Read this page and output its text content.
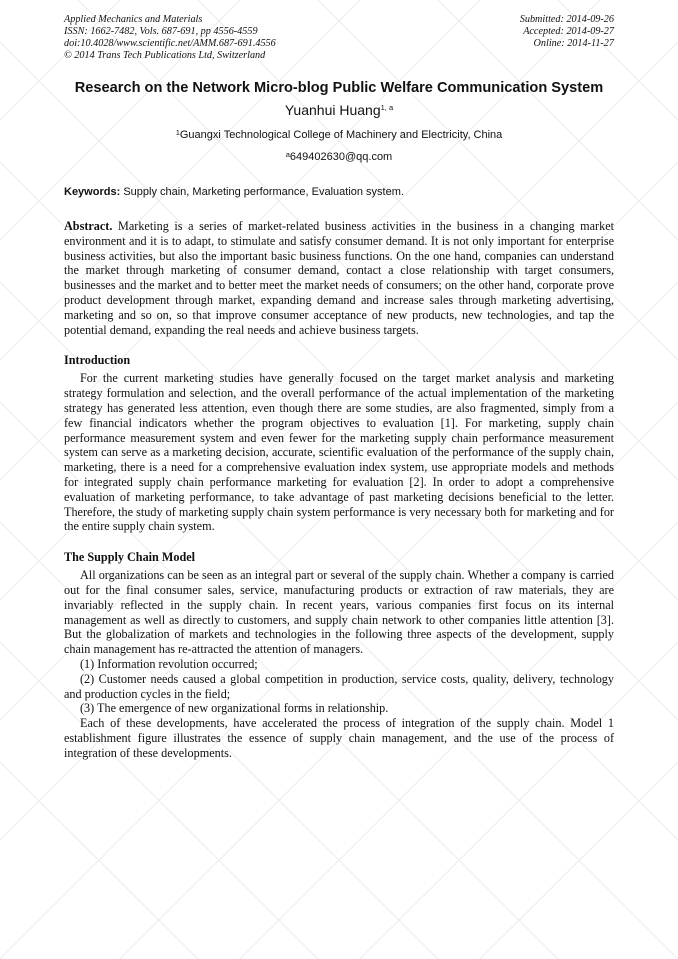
Applied Mechanics and Materials
ISSN: 1662-7482, Vols. 687-691, pp 4556-4559
doi:10.4028/www.scientific.net/AMM.687-691.4556
© 2014 Trans Tech Publications Ltd, Switzerland
Submitted: 2014-09-26
Accepted: 2014-09-27
Online: 2014-11-27
Research on the Network Micro-blog Public Welfare Communication System
Yuanhui Huang$^{1, a}$
$^1$Guangxi Technological College of Machinery and Electricity, China
$^a$649402630@qq.com
Keywords: Supply chain, Marketing performance, Evaluation system.
Abstract. Marketing is a series of market-related business activities in the business in a changing market environment and it is to adapt, to stimulate and satisfy consumer demand. It is not only important for enterprise business activities, but also the important basic business functions. On the one hand, companies can understand the market through marketing of consumer demand, contact a close relationship with target consumers, businesses and the market and to better meet the market needs of consumers; on the other hand, corporate prove product development through market, expanding demand and increase sales through marketing advertising, marketing and so on, so that improve consumer acceptance of new products, new technologies, and tap the potential demand, expanding the real needs and achieve business targets.
Introduction
For the current marketing studies have generally focused on the target market analysis and marketing strategy formulation and selection, and the overall performance of the actual implementation of the marketing strategy has generated less attention, even though there are some studies, are also fragmented, simply from a few financial indicators whether the program objectives to evaluation [1]. For marketing, supply chain performance measurement system and even fewer for the marketing supply chain performance measurement system can serve as a marketing decision, accurate, scientific evaluation of the performance of the supply chain, marketing, there is a need for a comprehensive evaluation index system, use appropriate models and methods for integrated supply chain performance marketing for evaluation [2]. In order to adopt a comprehensive evaluation of marketing performance, to take advantage of past marketing decisions beneficial to the letter. Therefore, the study of marketing supply chain system performance is very necessary both for marketing and for the entire supply chain system.
The Supply Chain Model
All organizations can be seen as an integral part or several of the supply chain. Whether a company is carried out for the final consumer sales, service, manufacturing products or extraction of raw materials, they are invariably reflected in the supply chain. In recent years, various companies first focus on its internal management as well as directly to customers, and supply chain network to other companies little attention [3]. But the globalization of markets and technologies in the following three aspects of the development, supply chain management has re-attracted the attention of managers.
(1) Information revolution occurred;
(2) Customer needs caused a global competition in production, service costs, quality, delivery, technology and production cycles in the field;
(3) The emergence of new organizational forms in relationship.
Each of these developments, have accelerated the process of integration of the supply chain. Model 1 establishment figure illustrates the essence of supply chain management, and the use of the process of integration of these developments.
